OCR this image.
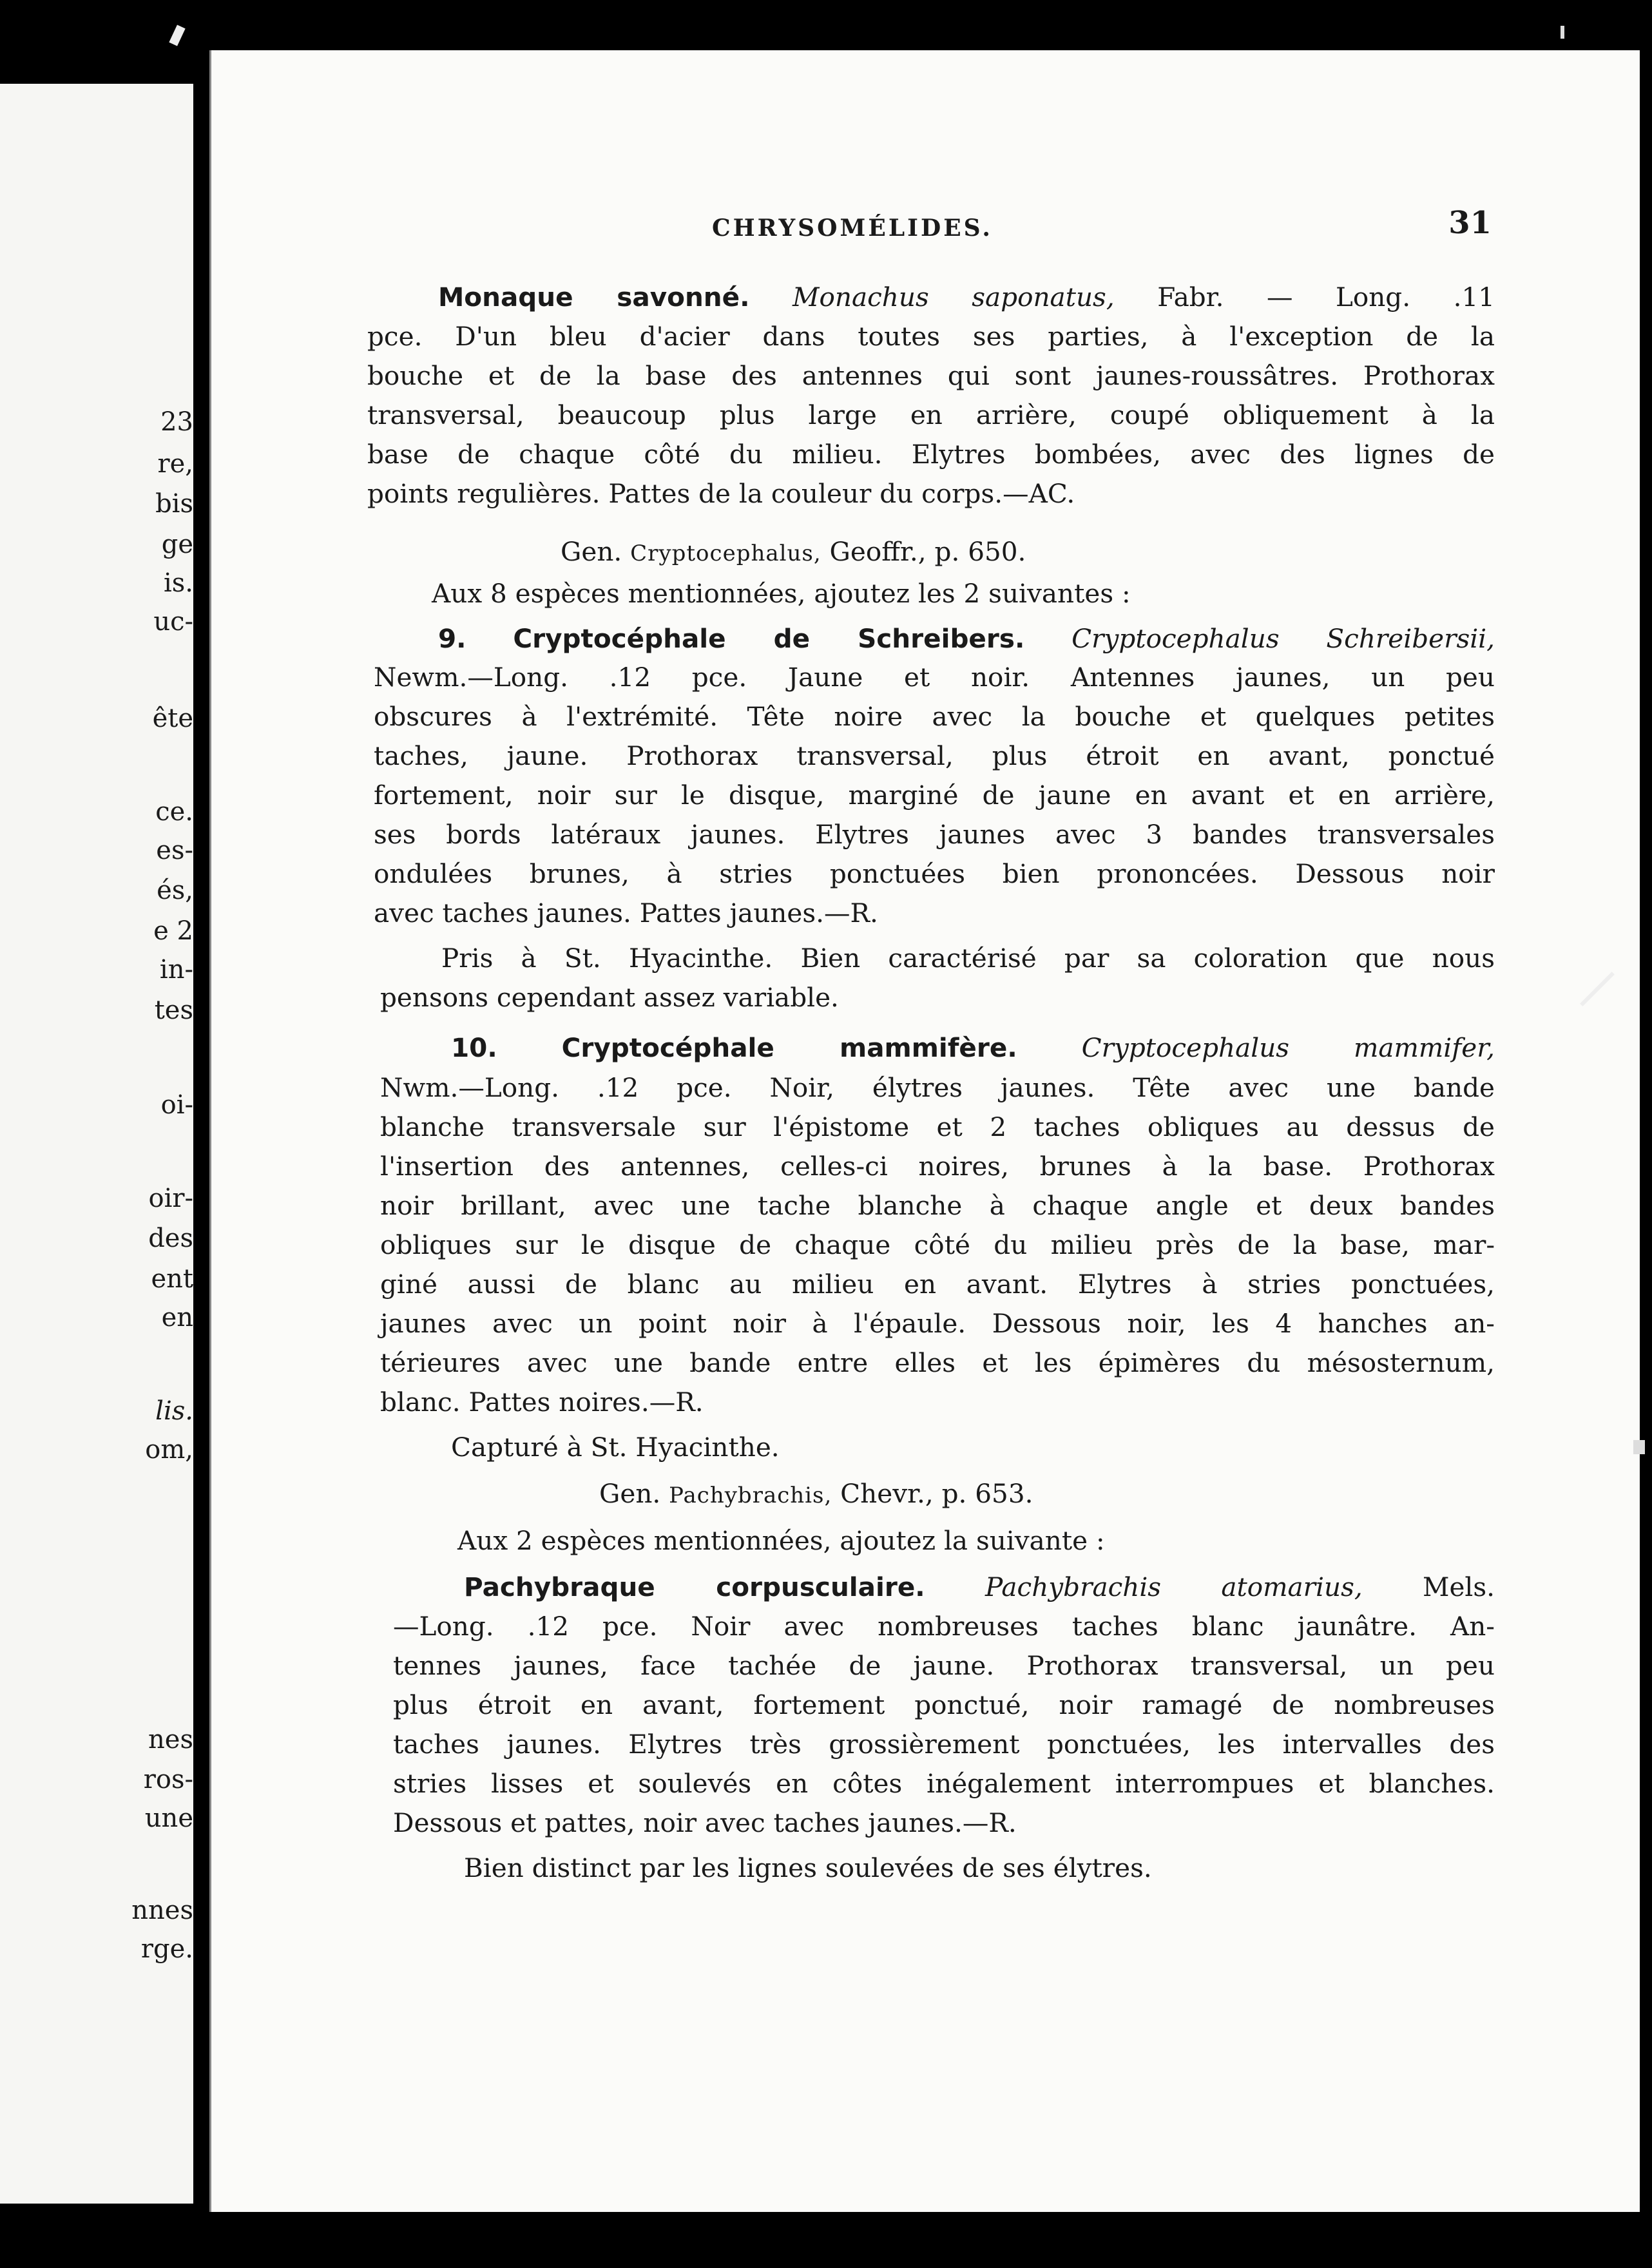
23
re,
bis
ge
is.
uc-
ête
ce.
es-
és,
e 2
in-
tes
oi-
oir-
des
ent
en
lis.
om,
nes
ros-
une
nnes
rge.
CHRYSOMÉLIDES.	31
Monaque savonné. Monachus saponatus, Fabr. — Long. .11
pce. D'un bleu d'acier dans toutes ses parties, à l'exception de la
bouche et de la base des antennes qui sont jaunes-roussâtres. Prothorax
transversal, beaucoup plus large en arrière, coupé obliquement à la
base de chaque côté du milieu. Elytres bombées, avec des lignes de
points regulières. Pattes de la couleur du corps.—AC.
Gen. Cryptocephalus, Geoffr., p. 650.
Aux 8 espèces mentionnées, ajoutez les 2 suivantes :
9. Cryptocéphale de Schreibers. Cryptocephalus Schreibersii,
Newm.—Long. .12 pce. Jaune et noir. Antennes jaunes, un peu
obscures à l'extrémité. Tête noire avec la bouche et quelques petites
taches, jaune. Prothorax transversal, plus étroit en avant, ponctué
fortement, noir sur le disque, marginé de jaune en avant et en arrière,
ses bords latéraux jaunes. Elytres jaunes avec 3 bandes transversales
ondulées brunes, à stries ponctuées bien prononcées. Dessous noir
avec taches jaunes. Pattes jaunes.—R.
Pris à St. Hyacinthe. Bien caractérisé par sa coloration que nous
pensons cependant assez variable.
10. Cryptocéphale mammifère. Cryptocephalus mammifer,
Nwm.—Long. .12 pce. Noir, élytres jaunes. Tête avec une bande
blanche transversale sur l'épistome et 2 taches obliques au dessus de
l'insertion des antennes, celles-ci noires, brunes à la base. Prothorax
noir brillant, avec une tache blanche à chaque angle et deux bandes
obliques sur le disque de chaque côté du milieu près de la base, mar-
giné aussi de blanc au milieu en avant. Elytres à stries ponctuées,
jaunes avec un point noir à l'épaule. Dessous noir, les 4 hanches an-
térieures avec une bande entre elles et les épimères du mésosternum,
blanc. Pattes noires.—R.
Capturé à St. Hyacinthe.
Gen. Pachybrachis, Chevr., p. 653.
Aux 2 espèces mentionnées, ajoutez la suivante :
Pachybraque corpusculaire. Pachybrachis atomarius, Mels.
—Long. .12 pce. Noir avec nombreuses taches blanc jaunâtre. An-
tennes jaunes, face tachée de jaune. Prothorax transversal, un peu
plus étroit en avant, fortement ponctué, noir ramagé de nombreuses
taches jaunes. Elytres très grossièrement ponctuées, les intervalles des
stries lisses et soulevés en côtes inégalement interrompues et blanches.
Dessous et pattes, noir avec taches jaunes.—R.
Bien distinct par les lignes soulevées de ses élytres.
